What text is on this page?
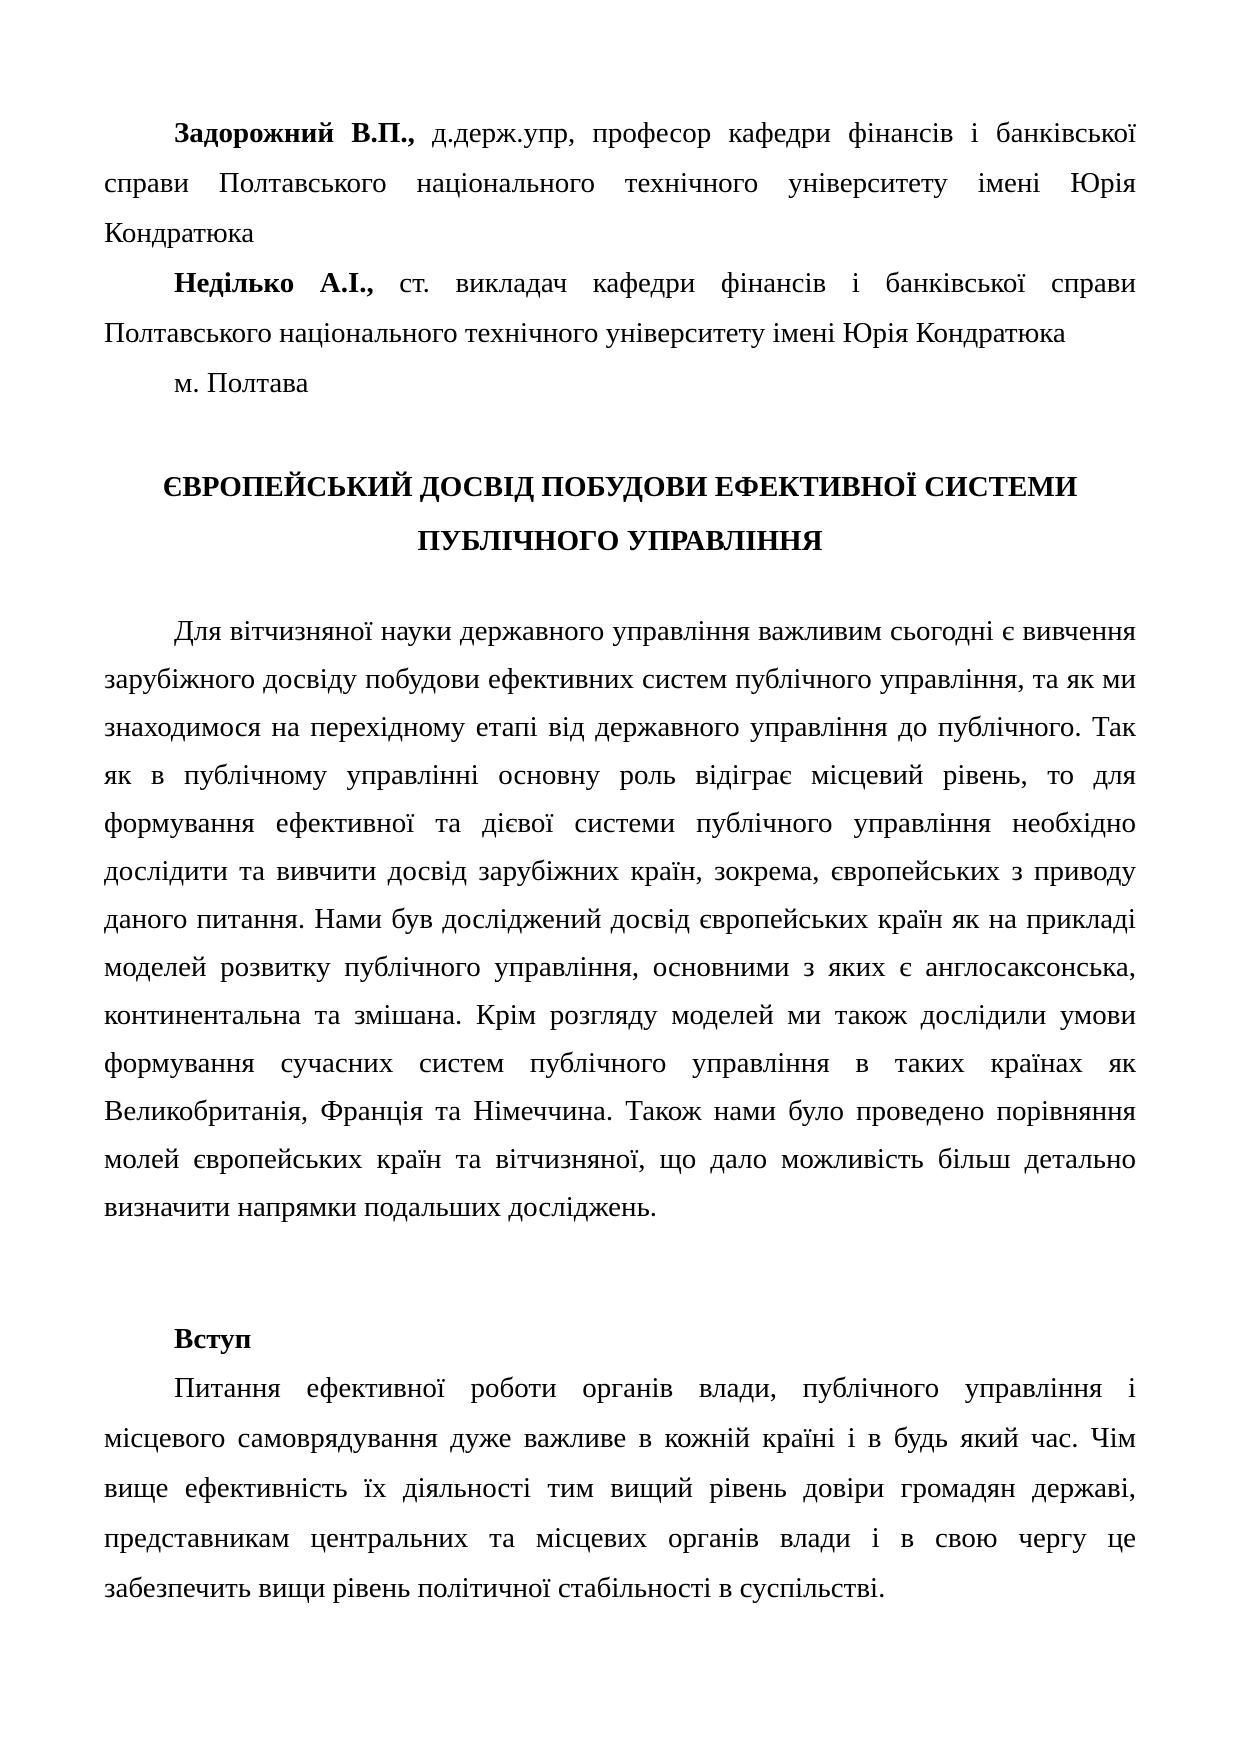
Задорожний В.П., д.держ.упр, професор кафедри фінансів і банківської справи Полтавського національного технічного університету імені Юрія Кондратюка

Неділько А.І., ст. викладач кафедри фінансів і банківської справи Полтавського національного технічного університету імені Юрія Кондратюка

м. Полтава

ЄВРОПЕЙСЬКИЙ ДОСВІД ПОБУДОВИ ЕФЕКТИВНОЇ СИСТЕМИ ПУБЛІЧНОГО УПРАВЛІННЯ

Для вітчизняної науки державного управління важливим сьогодні є вивчення зарубіжного досвіду побудови ефективних систем публічного управління, та як ми знаходимося на перехідному етапі від державного управління до публічного. Так як в публічному управлінні основну роль відіграє місцевий рівень, то для формування ефективної та дієвої системи публічного управління необхідно дослідити та вивчити досвід зарубіжних країн, зокрема, європейських з приводу даного питання. Нами був досліджений досвід європейських країн як на прикладі моделей розвитку публічного управління, основними з яких є англосаксонська, континентальна та змішана. Крім розгляду моделей ми також дослідили умови формування сучасних систем публічного управління в таких країнах як Великобританія, Франція та Німеччина. Також нами було проведено порівняння молей європейських країн та вітчизняної, що дало можливість більш детально визначити напрямки подальших досліджень.

Вступ

Питання ефективної роботи органів влади, публічного управління і місцевого самоврядування дуже важливе в кожній країні і в будь який час. Чім вище ефективність їх діяльності тим вищий рівень довіри громадян державі, представникам центральних та місцевих органів влади і в свою чергу це забезпечить вищи рівень політичної стабільності в суспільстві.
